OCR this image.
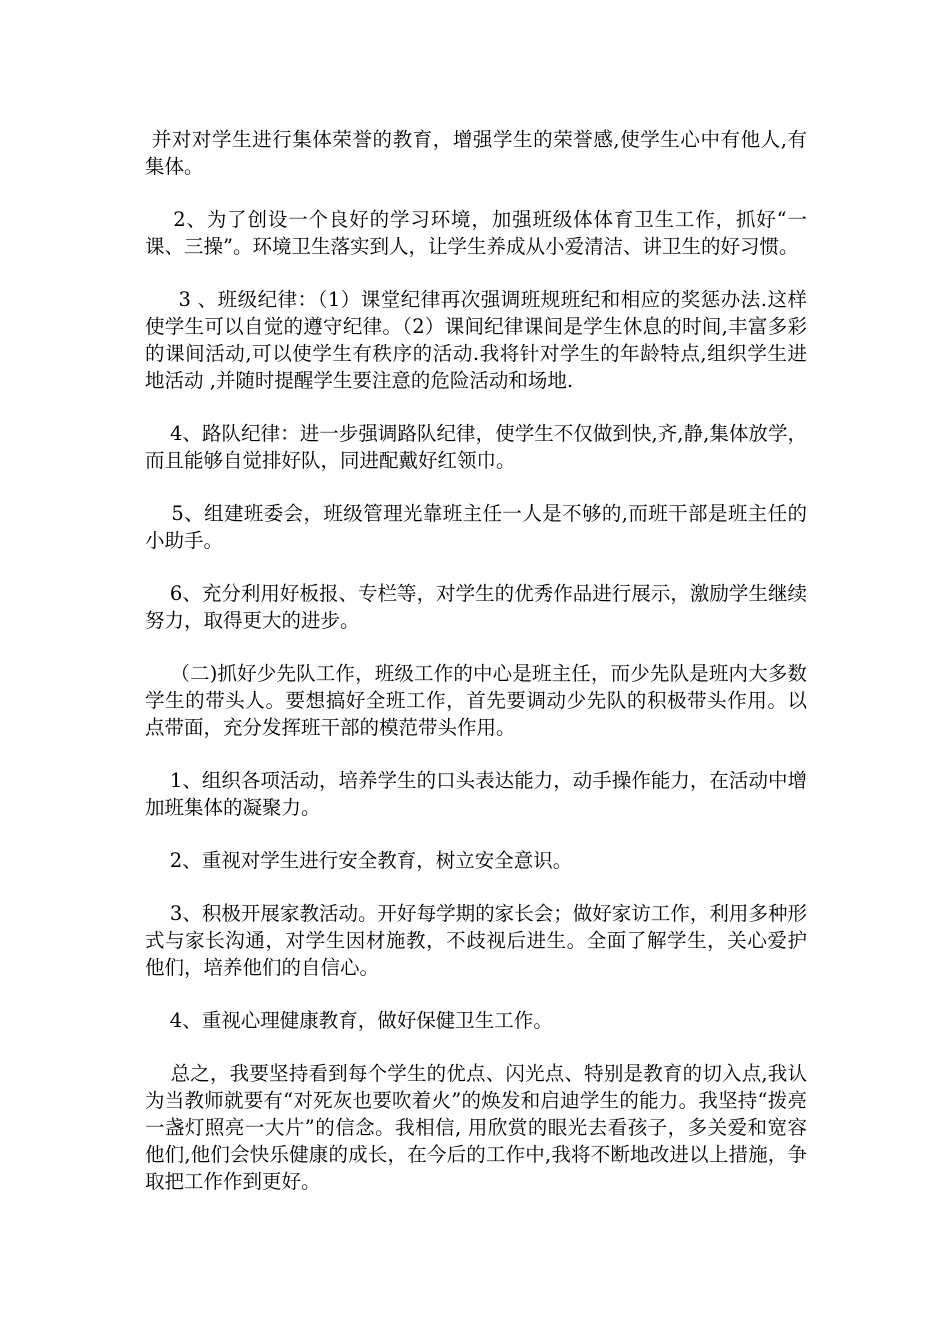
并对对学生进行集体荣誉的教育，增强学生的荣誉感,使学生心中有他人,有集体。

2、为了创设一个良好的学习环境，加强班级体体育卫生工作，抓好“一课、三操”。环境卫生落实到人，让学生养成从小爱清洁、讲卫生的好习惯。

3 、班级纪律：（1）课堂纪律再次强调班规班纪和相应的奖惩办法.这样使学生可以自觉的遵守纪律。（2）课间纪律课间是学生休息的时间,丰富多彩的课间活动,可以使学生有秩序的活动.我将针对学生的年龄特点,组织学生进地活动 ,并随时提醒学生要注意的危险活动和场地.

4、路队纪律：进一步强调路队纪律，使学生不仅做到快,齐,静,集体放学，而且能够自觉排好队，同进配戴好红领巾。

5、组建班委会，班级管理光靠班主任一人是不够的,而班干部是班主任的小助手。

6、充分利用好板报、专栏等，对学生的优秀作品进行展示，激励学生继续努力，取得更大的进步。

（二)抓好少先队工作，班级工作的中心是班主任，而少先队是班内大多数学生的带头人。要想搞好全班工作，首先要调动少先队的积极带头作用。以点带面，充分发挥班干部的模范带头作用。

1、组织各项活动，培养学生的口头表达能力，动手操作能力，在活动中增加班集体的凝聚力。

2、重视对学生进行安全教育，树立安全意识。

3、积极开展家教活动。开好每学期的家长会；做好家访工作，利用多种形式与家长沟通，对学生因材施教，不歧视后进生。全面了解学生，关心爱护他们，培养他们的自信心。

4、重视心理健康教育，做好保健卫生工作。

总之，我要坚持看到每个学生的优点、闪光点、特别是教育的切入点,我认为当教师就要有“对死灰也要吹着火”的焕发和启迪学生的能力。我坚持“拨亮一盏灯照亮一大片”的信念。我相信, 用欣赏的眼光去看孩子，多关爱和宽容他们,他们会快乐健康的成长，在今后的工作中,我将不断地改进以上措施，争取把工作作到更好。
